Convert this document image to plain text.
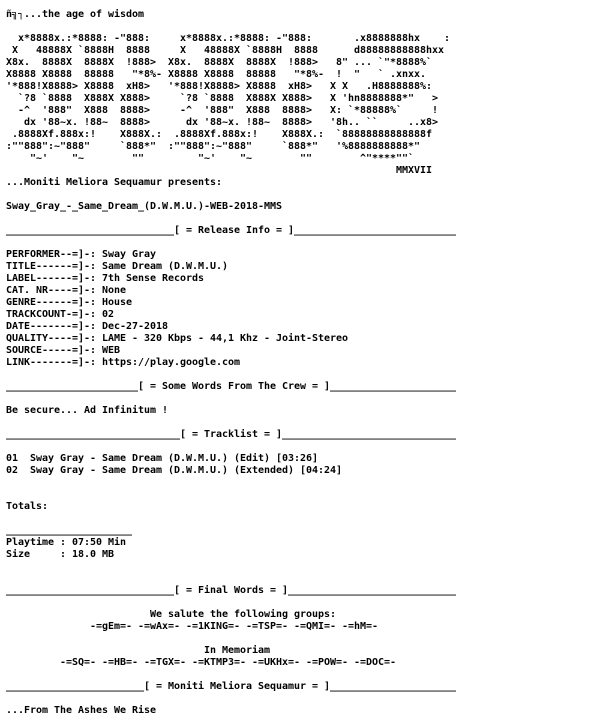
ñ╗┐...the age of wisdom

x*8888x.:*8888: -"888:     x*8888x.:*8888: -"888:       .x8888888hx    :
X   48888X `8888H  8888     X   48888X `8888H  8888      d88888888888hxx
X8x.  8888X  8888X  !888>  X8x.  8888X  8888X  !888>   8" ... `"*8888%`
X8888 X8888  88888   "*8%- X8888 X8888  88888   "*8%-  !  "   ` .xnxx.
'*888!X8888> X8888  xH8>   '*888!X8888> X8888  xH8>   X X   .H8888888%:
`?8 `8888  X888X X888>     `?8 `8888  X888X X888>   X 'hn8888888*"   >
-^  '888"  X888  8888>     -^  '888"  X888  8888>   X: `*88888%`     !
dx '88~x. !88~  8888>      dx '88~x. !88~  8888>   '8h.. ``     ..x8>
.8888Xf.888x:!    X888X.:  .8888Xf.888x:!    X888X.:  `88888888888888f
:""888":~"888"     `888*"  :""888":~"888"     `888*"   '%8888888888*"
"~'    "~        ""         "~'    "~        ""        ^"****""`
MMXVII
...Moniti Meliora Sequamur presents:

Sway_Gray_-_Same_Dream_(D.W.M.U.)-WEB-2018-MMS

____________________________[ = Release Info = ]___________________________

PERFORMER--=]-: Sway Gray
TITLE------=]-: Same Dream (D.W.M.U.)
LABEL------=]-: 7th Sense Records
CAT. NR----=]-: None
GENRE------=]-: House
TRACKCOUNT-=]-: 02
DATE-------=]-: Dec-27-2018
QUALITY----=]-: LAME - 320 Kbps - 44,1 Khz - Joint-Stereo
SOURCE-----=]-: WEB
LINK-------=]-: https://play.google.com

______________________[ = Some Words From The Crew = ]_____________________

Be secure... Ad Infinitum !

_____________________________[ = Tracklist = ]_____________________________

01  Sway Gray - Same Dream (D.W.M.U.) (Edit) [03:26]
02  Sway Gray - Same Dream (D.W.M.U.) (Extended) [04:24]

Totals:

_____________________
Playtime : 07:50 Min
Size     : 18.0 MB

____________________________[ = Final Words = ]____________________________

We salute the following groups:
-=gEm=- -=wAx=- -=1KING=- -=TSP=- -=QMI=- -=hM=-

In Memoriam
-=SQ=- -=HB=- -=TGX=- -=KTMP3=- -=UKHx=- -=POW=- -=DOC=-

_______________________[ = Moniti Meliora Sequamur = ]_____________________

...From The Ashes We Rise
